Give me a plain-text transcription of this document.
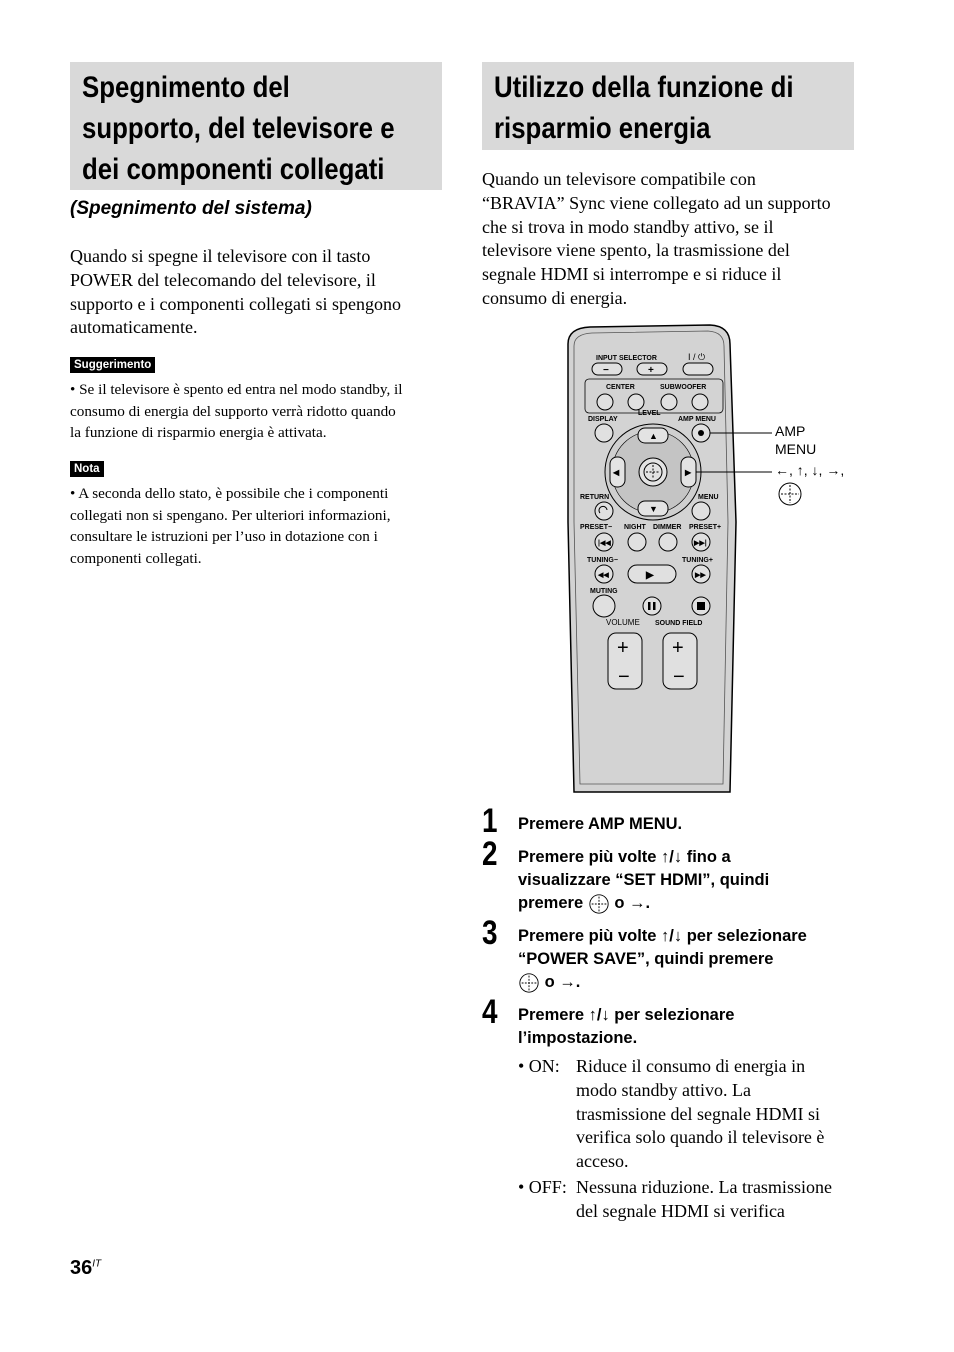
Spegnimento del
supporto, del televisore e
dei componenti collegati
(Spegnimento del sistema)
Quando si spegne il televisore con il tasto
POWER del telecomando del televisore, il
supporto e i componenti collegati si spengono
automaticamente.
Suggerimento
• Se il televisore è spento ed entra nel modo standby, il
consumo di energia del supporto verrà ridotto quando
la funzione di risparmio energia è attivata.
Nota
• A seconda dello stato, è possibile che i componenti
collegati non si spengano. Per ulteriori informazioni,
consultare le istruzioni per l’uso in dotazione con i
componenti collegati.
Utilizzo della funzione di
risparmio energia
Quando un televisore compatibile con
“BRAVIA” Sync viene collegato ad un supporto
che si trova in modo standby attivo, se il
televisore viene spento, la trasmissione del
segnale HDMI si interrompe e si riduce il
consumo di energia.
INPUT SELECTOR	I / ⏻
−	+
CENTER	SUBWOOFER
LEVEL
DISPLAY	AMP MENU
▲
▼
◀	▶
RETURN	MENU
PRESET− NIGHT DIMMER PRESET+
|◀◀	▶▶|
TUNING−	TUNING+
◀◀	▶	▶▶
MUTING
VOLUME SOUND FIELD
+
−
+
−
AMP
MENU
←, ↑, ↓, →,
1 Premere AMP MENU.
2 Premere più volte ↑/↓ fino a
visualizzare “SET HDMI”, quindi
premere o →.
3 Premere più volte ↑/↓ per selezionare
“POWER SAVE”, quindi premere
o →.
4 Premere ↑/↓ per selezionare
l’impostazione.
• ON: Riduce il consumo di energia in
modo standby attivo. La
trasmissione del segnale HDMI si
verifica solo quando il televisore è
acceso.
• OFF: Nessuna riduzione. La trasmissione
del segnale HDMI si verifica
$36^{IT}$
